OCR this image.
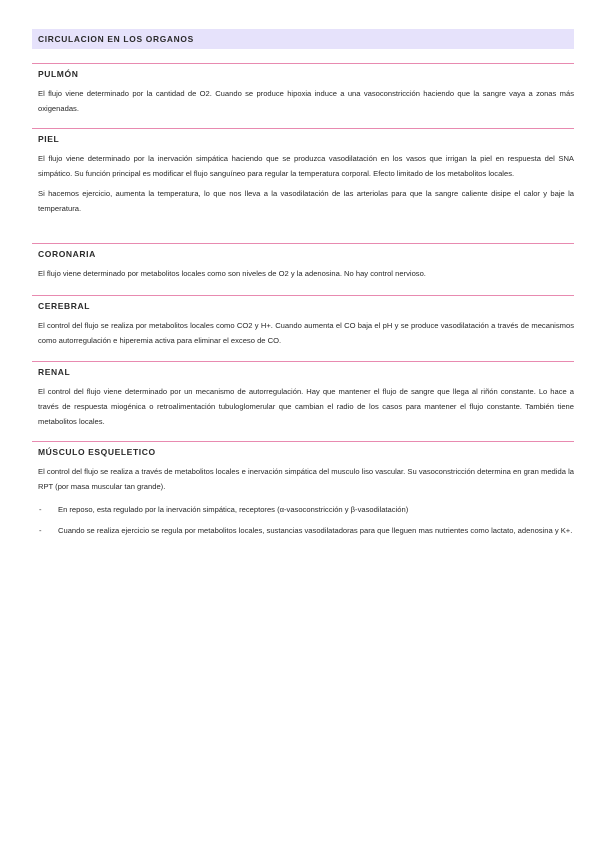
CIRCULACION EN LOS ORGANOS
PULMÓN

El flujo viene determinado por la cantidad de O2. Cuando se produce hipoxia induce a una vasoconstricción haciendo que la sangre vaya a zonas más oxigenadas.

PIEL

El flujo viene determinado por la inervación simpática haciendo que se produzca vasodilatación en los vasos que irrigan la piel en respuesta del SNA simpático. Su función principal es modificar el flujo sanguíneo para regular la temperatura corporal. Efecto limitado de los metabolitos locales.

Si hacemos ejercicio, aumenta la temperatura, lo que nos lleva a la vasodilatación de las arteriolas para que la sangre caliente disipe el calor y baje la temperatura.

CORONARIA

El flujo viene determinado por metabolitos locales como son niveles de O2 y la adenosina. No hay control nervioso.

CEREBRAL

El control del flujo se realiza por metabolitos locales como CO2 y H+. Cuando aumenta el CO baja el pH y se produce vasodilatación a través de mecanismos como autorregulación e hiperemia activa para eliminar el exceso de CO.

RENAL

El control del flujo viene determinado por un mecanismo de autorregulación. Hay que mantener el flujo de sangre que llega al riñón constante. Lo hace a través de respuesta miogénica o retroalimentación tubuloglomerular que cambian el radio de los casos para mantener el flujo constante. También tiene metabolitos locales.

MÚSCULO ESQUELETICO

El control del flujo se realiza a través de metabolitos locales e inervación simpática del musculo liso vascular. Su vasoconstricción determina en gran medida la RPT (por masa muscular tan grande).

- En reposo, esta regulado por la inervación simpática, receptores (α-vasoconstricción y β-vasodilatación)
- Cuando se realiza ejercicio se regula por metabolitos locales, sustancias vasodilatadoras para que lleguen mas nutrientes como lactato, adenosina y K+.
